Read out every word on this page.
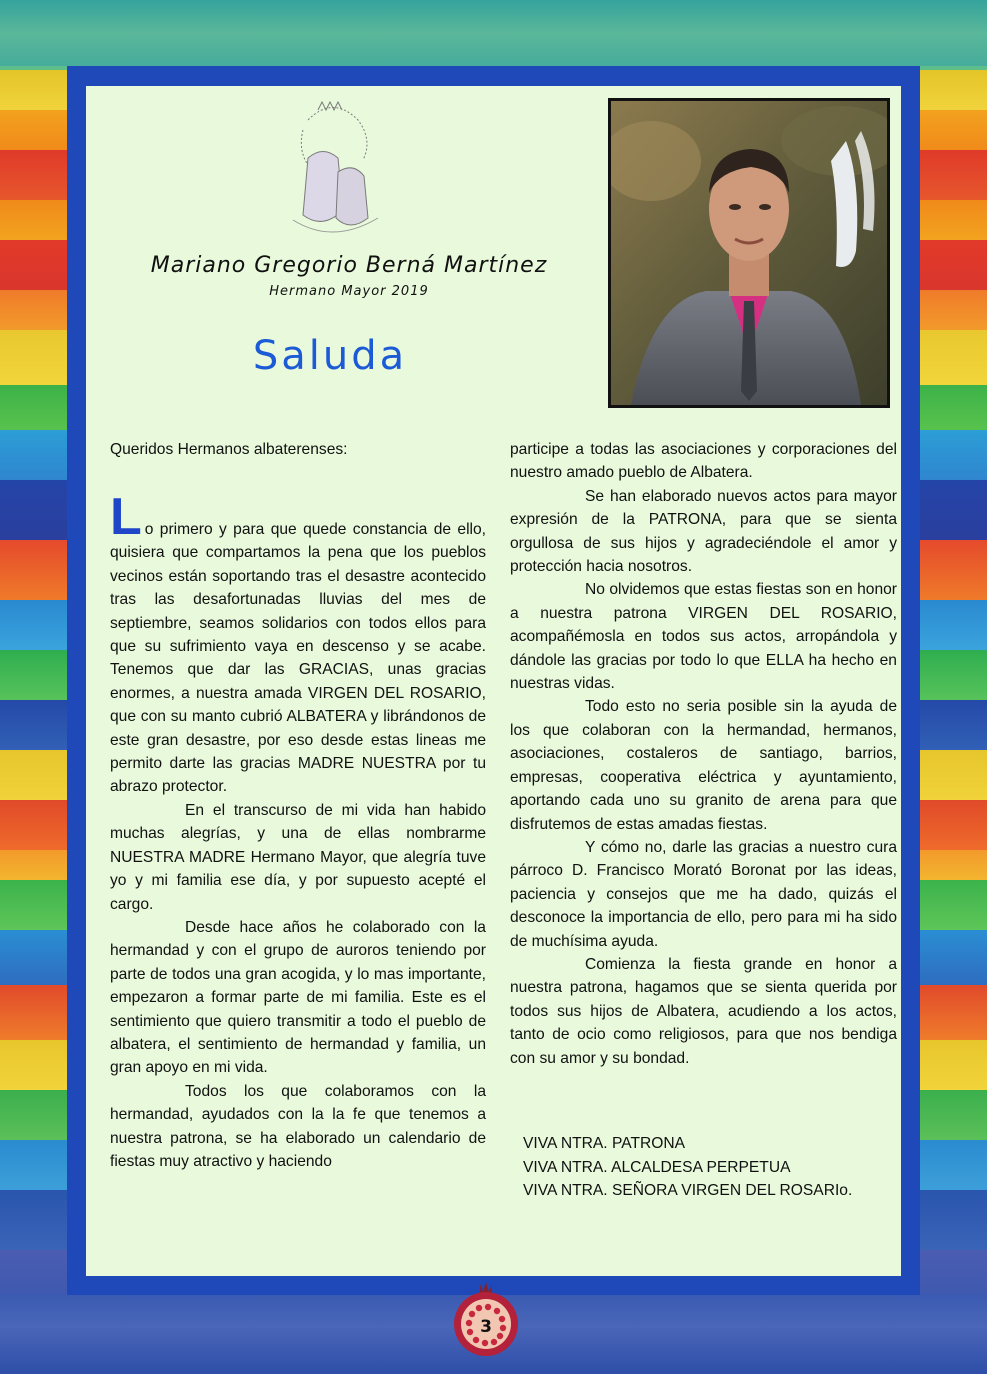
Mariano Gregorio Berná Martínez
Hermano Mayor 2019
Saluda
Queridos Hermanos albaterenses:

L o primero y para que quede constancia de ello, quisiera que compartamos la pena que los pueblos vecinos están soportando tras el desastre acontecido tras las desafortunadas lluvias del mes de septiembre, seamos solidarios con todos ellos para que su sufrimiento vaya en descenso y se acabe. Tenemos que dar las GRACIAS, unas gracias enormes, a nuestra amada VIRGEN DEL ROSARIO, que con su manto cubrió ALBATERA y librándonos de este gran desastre, por eso desde estas lineas me permito darte las gracias MADRE NUESTRA por tu abrazo protector.

En el transcurso de mi vida han habido muchas alegrías, y una de ellas nombrarme NUESTRA MADRE Hermano Mayor, que alegría tuve yo y mi familia ese día, y por supuesto acepté el cargo.

Desde hace años he colaborado con la hermandad y con el grupo de auroros teniendo por parte de todos una gran acogida, y lo mas importante, empezaron a formar parte de mi familia. Este es el sentimiento que quiero transmitir a todo el pueblo de albatera, el sentimiento de hermandad y familia, un gran apoyo en mi vida.

Todos los que colaboramos con la hermandad, ayudados con la la fe que tenemos a nuestra patrona, se ha elaborado un calendario de fiestas muy atractivo y haciendo

participe a todas las asociaciones y corporaciones del nuestro amado pueblo de Albatera.

Se han elaborado nuevos actos para mayor expresión de la PATRONA, para que se sienta orgullosa de sus hijos y agradeciéndole el amor y protección hacia nosotros.

No olvidemos que estas fiestas son en honor a nuestra patrona VIRGEN DEL ROSARIO, acompañémosla en todos sus actos, arropándola y dándole las gracias por todo lo que ELLA ha hecho en nuestras vidas.

Todo esto no seria posible sin la ayuda de los que colaboran con la hermandad, hermanos, asociaciones, costaleros de santiago, barrios, empresas, cooperativa eléctrica y ayuntamiento, aportando cada uno su granito de arena para que disfrutemos de estas amadas fiestas.

Y cómo no, darle las gracias a nuestro cura párroco D. Francisco Morató Boronat por las ideas, paciencia y consejos que me ha dado, quizás el desconoce la importancia de ello, pero para mi ha sido de muchísima ayuda.

Comienza la fiesta grande en honor a nuestra patrona, hagamos que se sienta querida por todos sus hijos de Albatera, acudiendo a los actos, tanto de ocio como religiosos, para que nos bendiga con su amor y su bondad.

VIVA NTRA. PATRONA
VIVA NTRA. ALCALDESA PERPETUA
VIVA NTRA. SEÑORA VIRGEN DEL ROSARIo.
3
